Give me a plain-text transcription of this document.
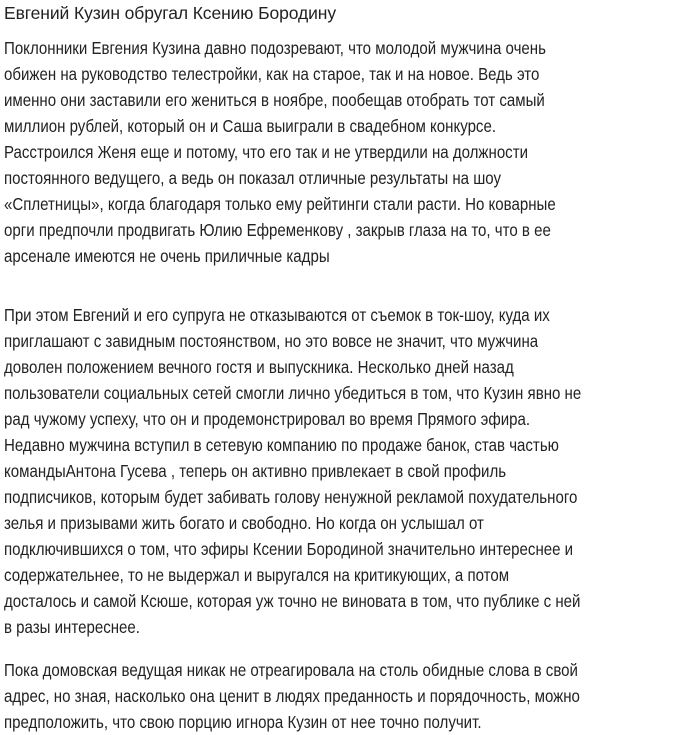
Евгений Кузин обругал Ксению Бородину

Поклонники Евгения Кузина давно подозревают, что молодой мужчина очень
обижен на руководство телестройки, как на старое, так и на новое. Ведь это
именно они заставили его жениться в ноябре, пообещав отобрать тот самый
миллион рублей, который он и Саша выиграли в свадебном конкурсе.
Расстроился Женя еще и потому, что его так и не утвердили на должности
постоянного ведущего, а ведь он показал отличные результаты на шоу
«Сплетницы», когда благодаря только ему рейтинги стали расти. Но коварные
орги предпочли продвигать Юлию Ефременкову , закрыв глаза на то, что в ее
арсенале имеются не очень приличные кадры

При этом Евгений и его супруга не отказываются от съемок в ток-шоу, куда их
приглашают с завидным постоянством, но это вовсе не значит, что мужчина
доволен положением вечного гостя и выпускника. Несколько дней назад
пользователи социальных сетей смогли лично убедиться в том, что Кузин явно не
рад чужому успеху, что он и продемонстрировал во время Прямого эфира.
Недавно мужчина вступил в сетевую компанию по продаже банок, став частью
командыАнтона Гусева , теперь он активно привлекает в свой профиль
подписчиков, которым будет забивать голову ненужной рекламой похудательного
зелья и призывами жить богато и свободно. Но когда он услышал от
подключившихся о том, что эфиры Ксении Бородиной значительно интереснее и
содержательнее, то не выдержал и выругался на критикующих, а потом
досталось и самой Ксюше, которая уж точно не виновата в том, что публике с ней
в разы интереснее.

Пока домовская ведущая никак не отреагировала на столь обидные слова в свой
адрес, но зная, насколько она ценит в людях преданность и порядочность, можно
предположить, что свою порцию игнора Кузин от нее точно получит.
